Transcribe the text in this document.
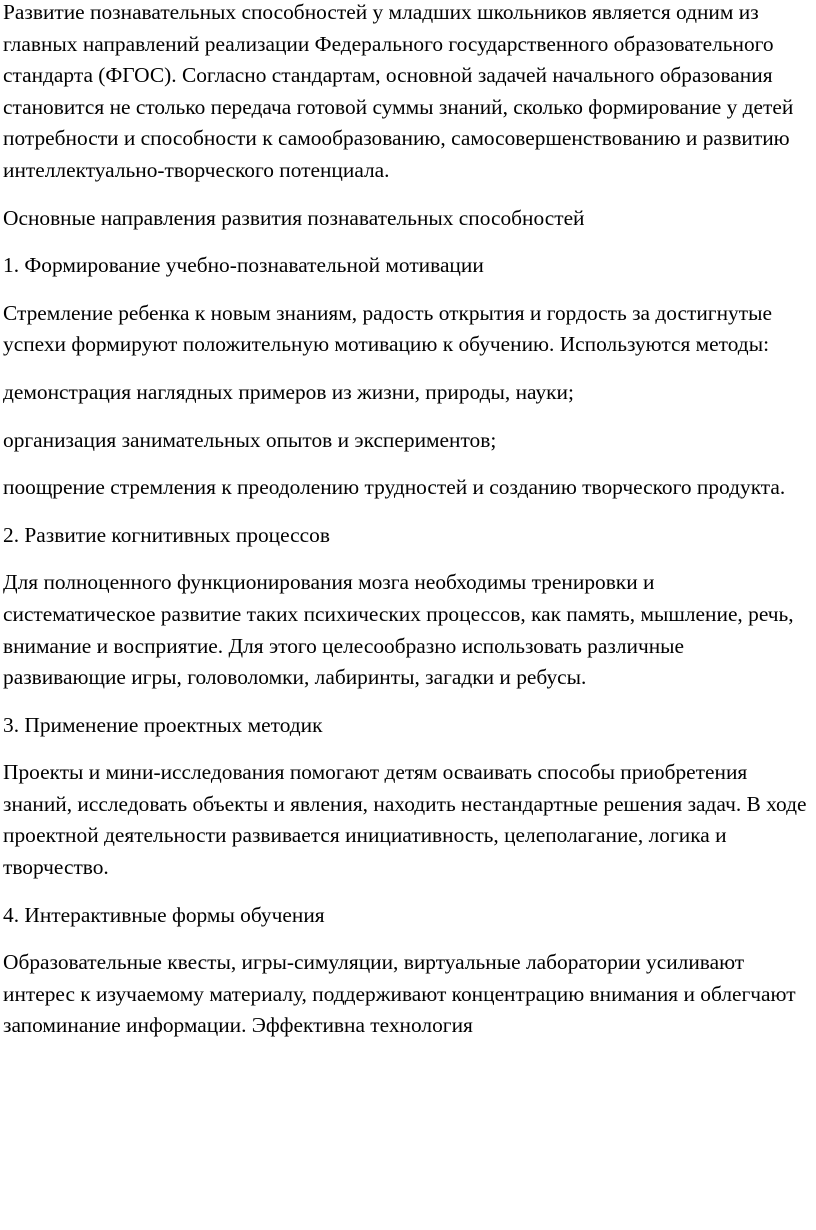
Развитие познавательных способностей у младших школьников является одним из главных направлений реализации Федерального государственного образовательного стандарта (ФГОС). Согласно стандартам, основной задачей начального образования становится не столько передача готовой суммы знаний, сколько формирование у детей потребности и способности к самообразованию, самосовершенствованию и развитию интеллектуально-творческого потенциала.

Основные направления развития познавательных способностей

1. Формирование учебно-познавательной мотивации

Стремление ребенка к новым знаниям, радость открытия и гордость за достигнутые успехи формируют положительную мотивацию к обучению. Используются методы:

демонстрация наглядных примеров из жизни, природы, науки;

организация занимательных опытов и экспериментов;

поощрение стремления к преодолению трудностей и созданию творческого продукта.

2. Развитие когнитивных процессов

Для полноценного функционирования мозга необходимы тренировки и систематическое развитие таких психических процессов, как память, мышление, речь, внимание и восприятие. Для этого целесообразно использовать различные развивающие игры, головоломки, лабиринты, загадки и ребусы.

3. Применение проектных методик

Проекты и мини-исследования помогают детям осваивать способы приобретения знаний, исследовать объекты и явления, находить нестандартные решения задач. В ходе проектной деятельности развивается инициативность, целеполагание, логика и творчество.

4. Интерактивные формы обучения

Образовательные квесты, игры-симуляции, виртуальные лаборатории усиливают интерес к изучаемому материалу, поддерживают концентрацию внимания и облегчают запоминание информации. Эффективна технология
